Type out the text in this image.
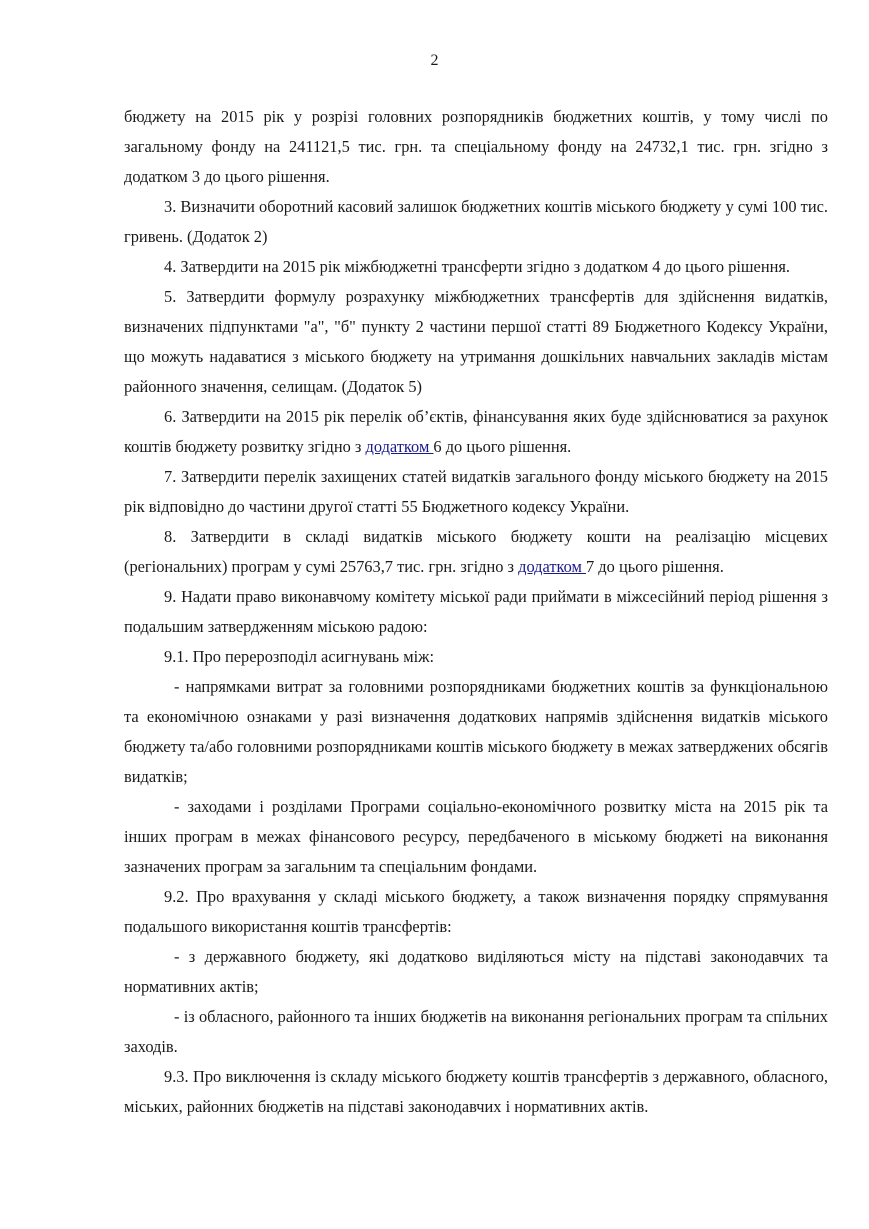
2

бюджету на 2015 рік у розрізі головних розпорядників бюджетних коштів, у тому числі по загальному фонду на 241121,5 тис. грн. та спеціальному фонду на 24732,1 тис. грн. згідно з додатком 3 до цього рішення.

3. Визначити оборотний касовий залишок бюджетних коштів міського бюджету у сумі 100 тис. гривень. (Додаток 2)

4. Затвердити на 2015 рік міжбюджетні трансферти згідно з додатком 4 до цього рішення.

5. Затвердити формулу розрахунку міжбюджетних трансфертів для здійснення видатків, визначених підпунктами "а", "б" пункту 2 частини першої статті 89 Бюджетного Кодексу України, що можуть надаватися з міського бюджету на утримання дошкільних навчальних закладів містам районного значення, селищам. (Додаток 5)

6. Затвердити на 2015 рік перелік об’єктів, фінансування яких буде здійснюватися за рахунок коштів бюджету розвитку згідно з додатком 6 до цього рішення.

7. Затвердити перелік захищених статей видатків загального фонду міського бюджету на 2015 рік відповідно до частини другої статті 55 Бюджетного кодексу України.

8. Затвердити в складі видатків міського бюджету кошти на реалізацію місцевих (регіональних) програм у сумі 25763,7 тис. грн. згідно з додатком 7 до цього рішення.

9. Надати право виконавчому комітету міської ради приймати в міжсесійний період рішення з подальшим затвердженням міською радою:

9.1. Про перерозподіл асигнувань між:

- напрямками витрат за головними розпорядниками бюджетних коштів за функціональною та економічною ознаками у разі визначення додаткових напрямів здійснення видатків міського бюджету та/або головними розпорядниками коштів міського бюджету в межах затверджених обсягів видатків;

- заходами і розділами Програми соціально-економічного розвитку міста на 2015 рік та інших програм в межах фінансового ресурсу, передбаченого в міському бюджеті на виконання зазначених програм за загальним та спеціальним фондами.

9.2. Про врахування у складі міського бюджету, а також визначення порядку спрямування подальшого використання коштів трансфертів:

- з державного бюджету, які додатково виділяються місту на підставі законодавчих та нормативних актів;

- із обласного, районного та інших бюджетів на виконання регіональних програм та спільних заходів.

9.3. Про виключення із складу міського бюджету коштів трансфертів з державного, обласного, міських, районних бюджетів на підставі законодавчих і нормативних актів.
